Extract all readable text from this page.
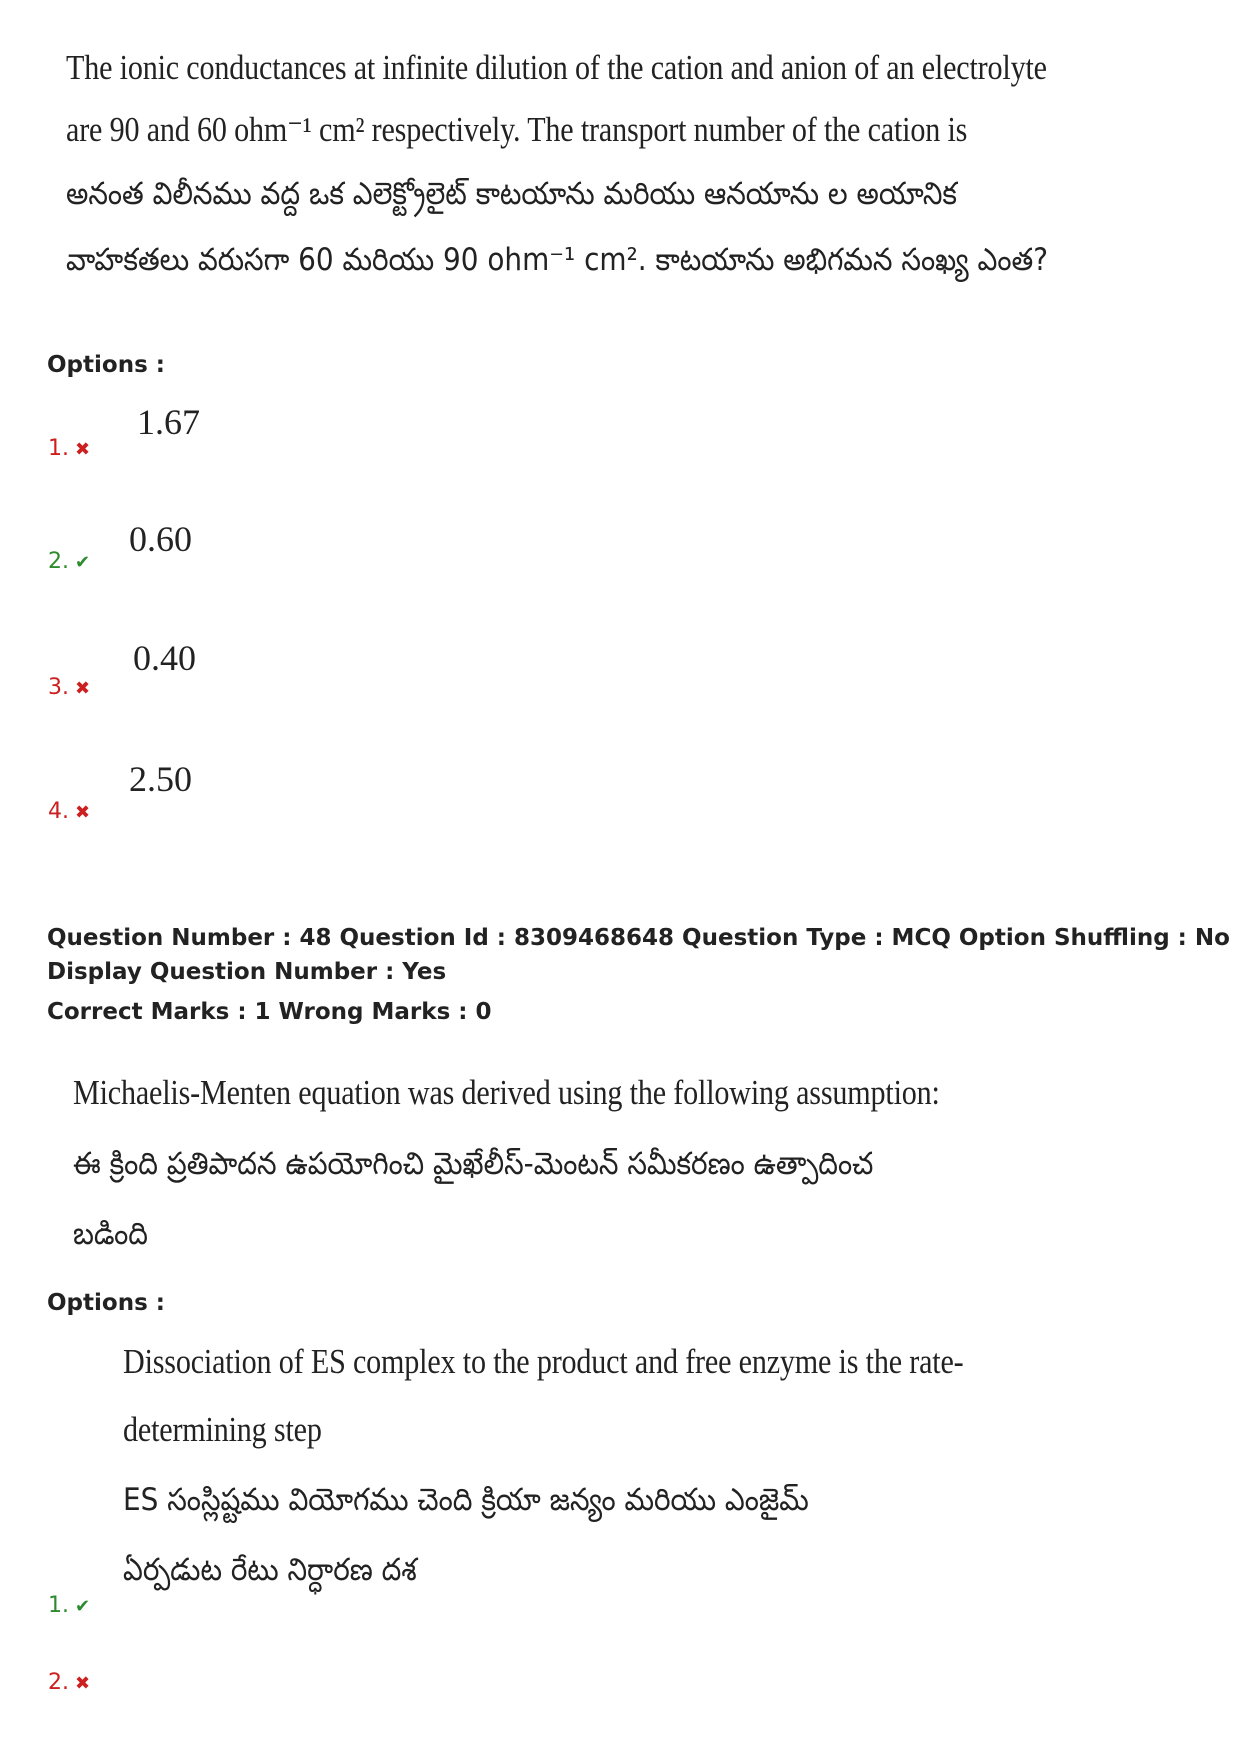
The ionic conductances at infinite dilution of the cation and anion of an electrolyte
are 90 and 60 ohm⁻¹ cm² respectively. The transport number of the cation is
అనంత విలీనము వద్ద ఒక ఎలెక్ట్రోలైట్ కాటయాను మరియు ఆనయాను ల అయానిక
వాహకతలు వరుసగా 60 మరియు 90 ohm⁻¹ cm². కాటయాను అభిగమన సంఖ్య ఎంత?
Options :
1. ✖
1.67
2. ✔
0.60
3. ✖
0.40
4. ✖
2.50
Question Number : 48 Question Id : 8309468648 Question Type : MCQ Option Shuffling : No
Display Question Number : Yes
Correct Marks : 1 Wrong Marks : 0
Michaelis-Menten equation was derived using the following assumption:
ఈ క్రింది ప్రతిపాదన ఉపయోగించి మైఖేలీస్-మెంటన్ సమీకరణం ఉత్పాదించ
బడింది
Options :
Dissociation of ES complex to the product and free enzyme is the rate-
determining step
ES సంస్లిష్టము వియోగము చెంది క్రియా జన్యం మరియు ఎంజైమ్
ఏర్పడుట రేటు నిర్ధారణ దశ
1. ✔
2. ✖
